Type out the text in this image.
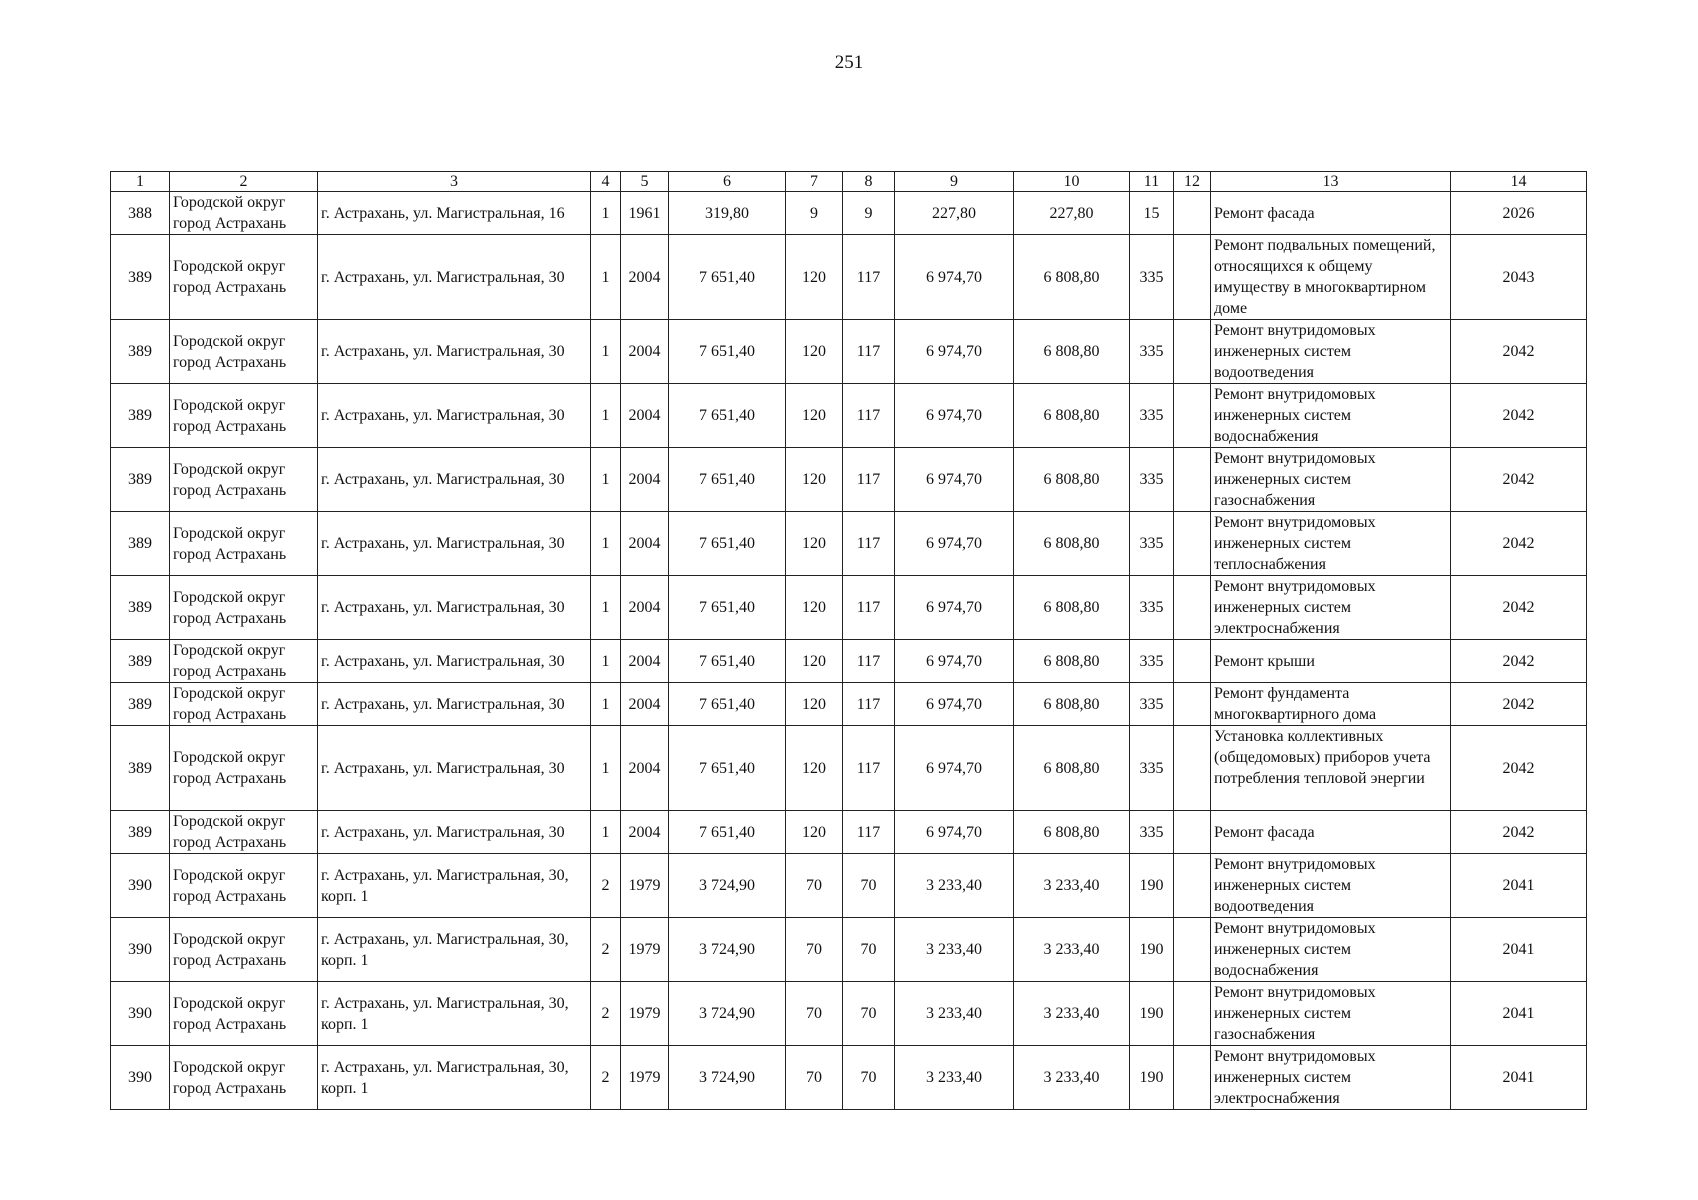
251
1	2	3	4	5	6	7	8	9	10	11	12	13	14
388	Городской округ город Астрахань	г. Астрахань, ул. Магистральная, 16	1	1961	319,80	9	9	227,80	227,80	15		Ремонт фасада	2026
389	Городской округ город Астрахань	г. Астрахань, ул. Магистральная, 30	1	2004	7 651,40	120	117	6 974,70	6 808,80	335		Ремонт подвальных помещений, относящихся к общему имуществу в многоквартирном доме	2043
389	Городской округ город Астрахань	г. Астрахань, ул. Магистральная, 30	1	2004	7 651,40	120	117	6 974,70	6 808,80	335		Ремонт внутридомовых инженерных систем водоотведения	2042
389	Городской округ город Астрахань	г. Астрахань, ул. Магистральная, 30	1	2004	7 651,40	120	117	6 974,70	6 808,80	335		Ремонт внутридомовых инженерных систем водоснабжения	2042
389	Городской округ город Астрахань	г. Астрахань, ул. Магистральная, 30	1	2004	7 651,40	120	117	6 974,70	6 808,80	335		Ремонт внутридомовых инженерных систем газоснабжения	2042
389	Городской округ город Астрахань	г. Астрахань, ул. Магистральная, 30	1	2004	7 651,40	120	117	6 974,70	6 808,80	335		Ремонт внутридомовых инженерных систем теплоснабжения	2042
389	Городской округ город Астрахань	г. Астрахань, ул. Магистральная, 30	1	2004	7 651,40	120	117	6 974,70	6 808,80	335		Ремонт внутридомовых инженерных систем электроснабжения	2042
389	Городской округ город Астрахань	г. Астрахань, ул. Магистральная, 30	1	2004	7 651,40	120	117	6 974,70	6 808,80	335		Ремонт крыши	2042
389	Городской округ город Астрахань	г. Астрахань, ул. Магистральная, 30	1	2004	7 651,40	120	117	6 974,70	6 808,80	335		Ремонт фундамента многоквартирного дома	2042
389	Городской округ город Астрахань	г. Астрахань, ул. Магистральная, 30	1	2004	7 651,40	120	117	6 974,70	6 808,80	335		Установка коллективных (общедомовых) приборов учета потребления тепловой энергии	2042
389	Городской округ город Астрахань	г. Астрахань, ул. Магистральная, 30	1	2004	7 651,40	120	117	6 974,70	6 808,80	335		Ремонт фасада	2042
390	Городской округ город Астрахань	г. Астрахань, ул. Магистральная, 30, корп. 1	2	1979	3 724,90	70	70	3 233,40	3 233,40	190		Ремонт внутридомовых инженерных систем водоотведения	2041
390	Городской округ город Астрахань	г. Астрахань, ул. Магистральная, 30, корп. 1	2	1979	3 724,90	70	70	3 233,40	3 233,40	190		Ремонт внутридомовых инженерных систем водоснабжения	2041
390	Городской округ город Астрахань	г. Астрахань, ул. Магистральная, 30, корп. 1	2	1979	3 724,90	70	70	3 233,40	3 233,40	190		Ремонт внутридомовых инженерных систем газоснабжения	2041
390	Городской округ город Астрахань	г. Астрахань, ул. Магистральная, 30, корп. 1	2	1979	3 724,90	70	70	3 233,40	3 233,40	190		Ремонт внутридомовых инженерных систем электроснабжения	2041
